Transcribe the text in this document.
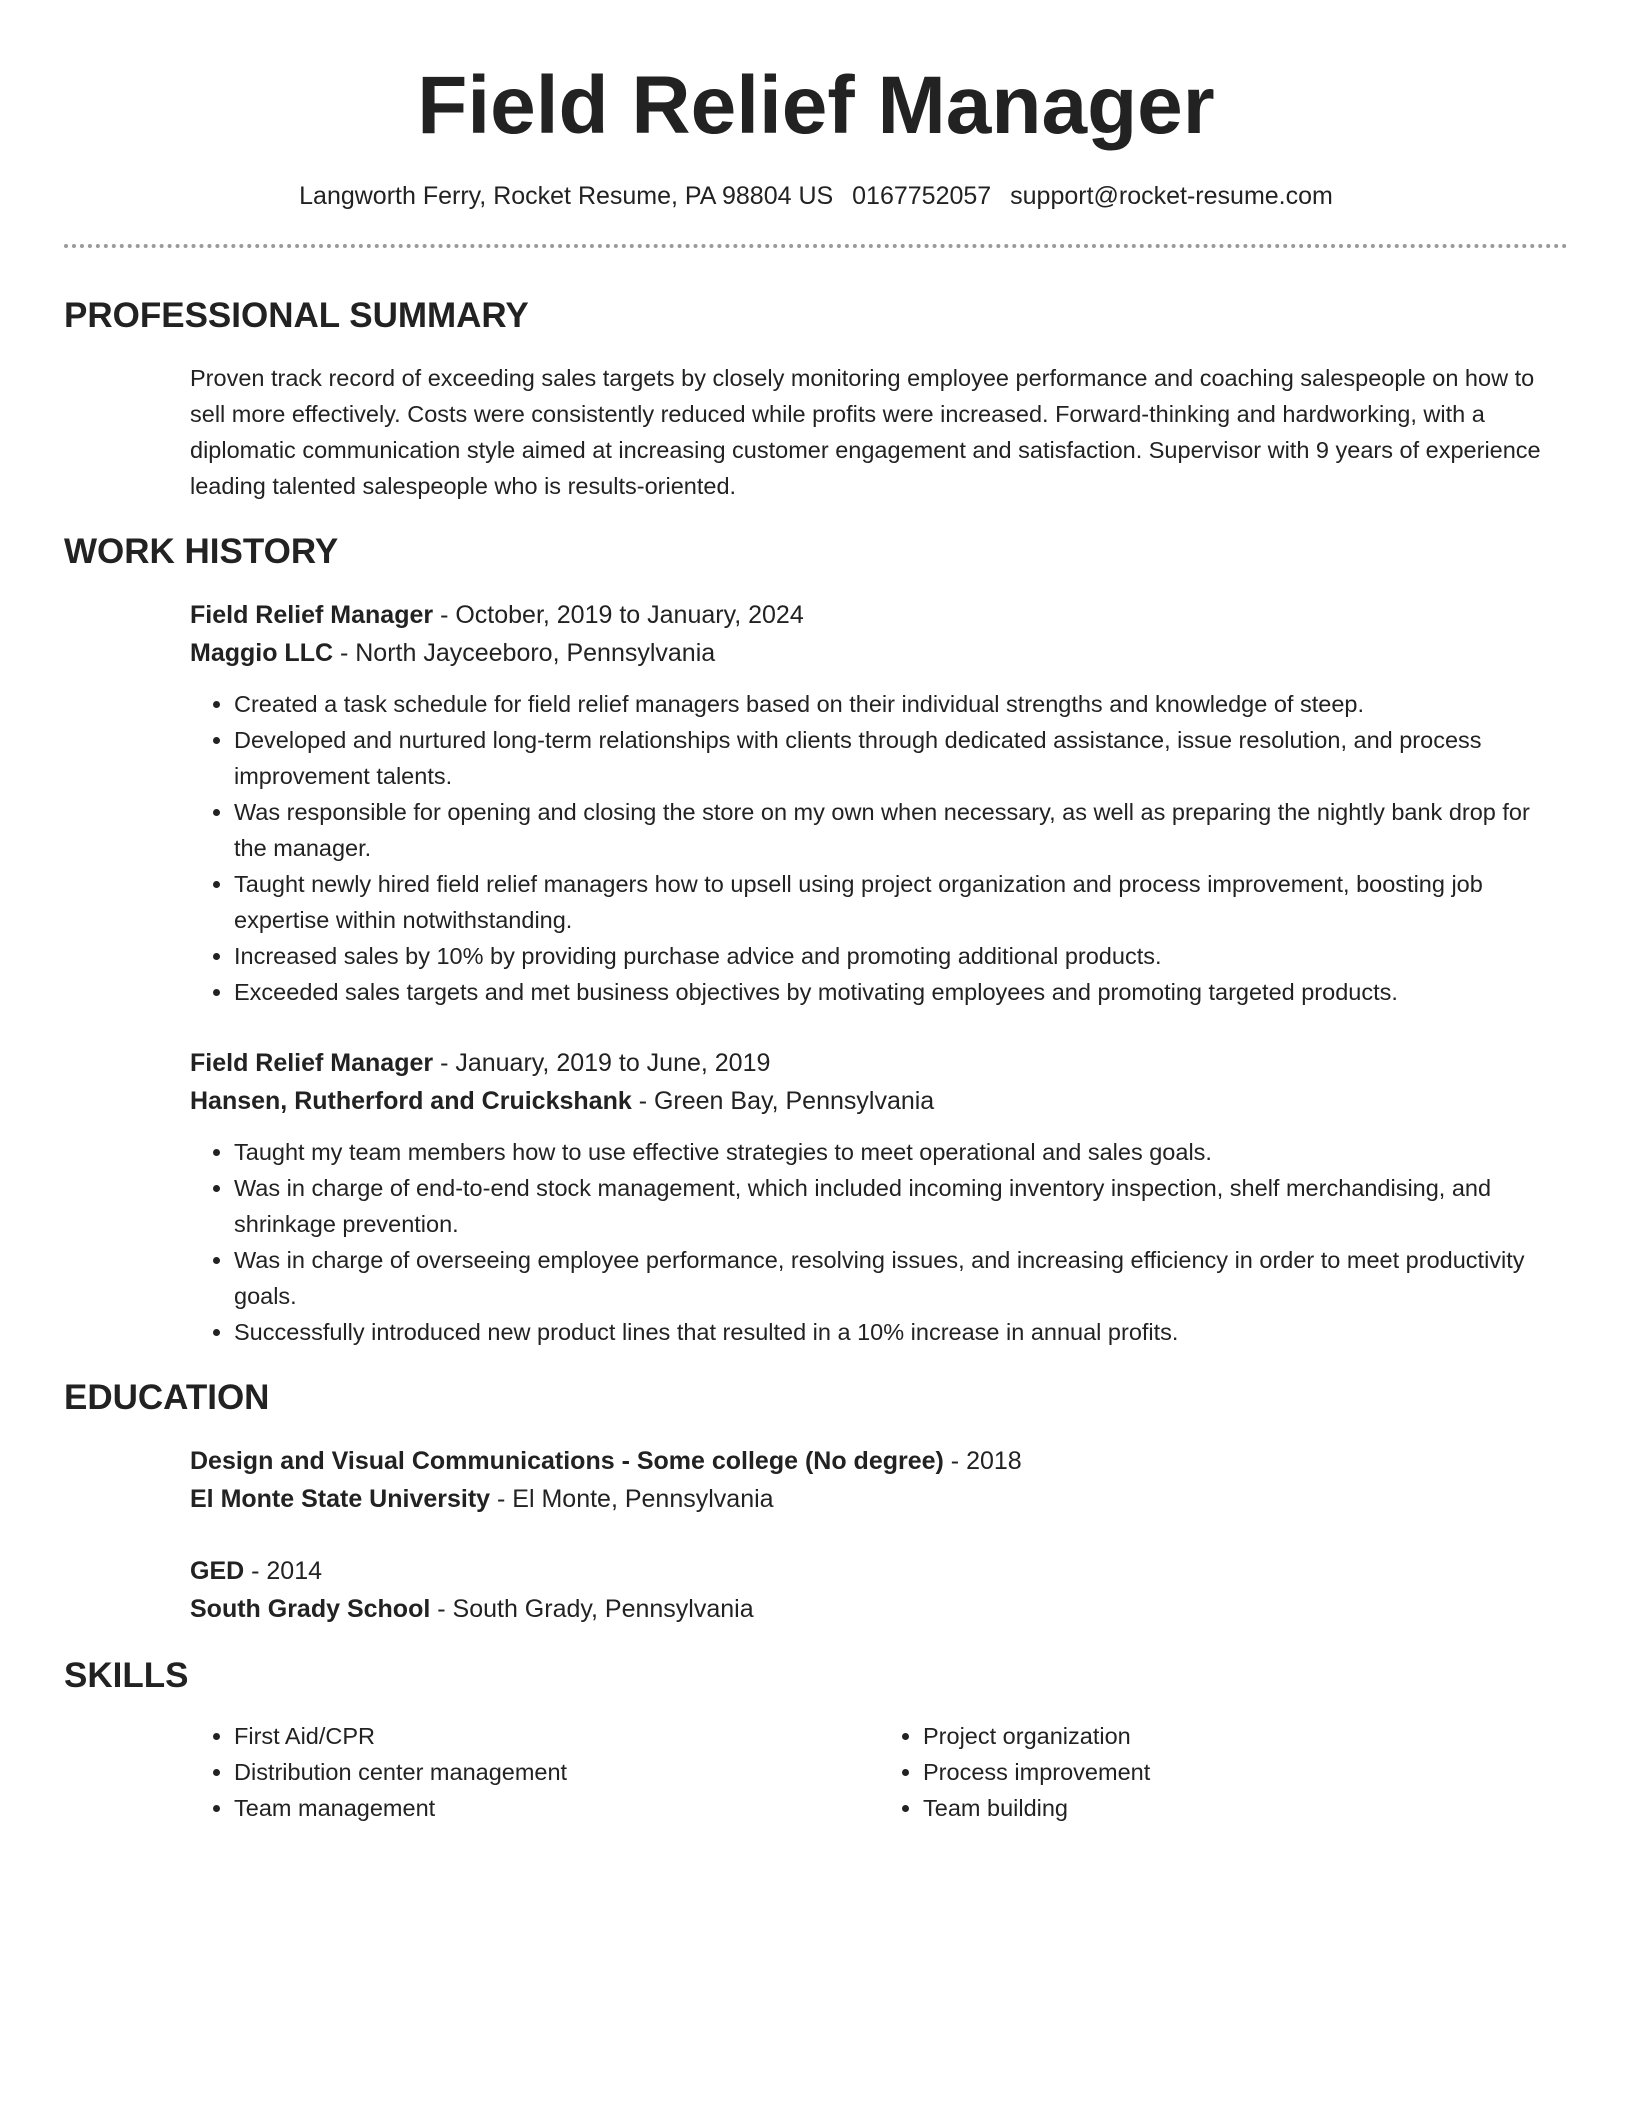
Field Relief Manager
Langworth Ferry, Rocket Resume, PA 98804 US 0167752057 support@rocket-resume.com
PROFESSIONAL SUMMARY
Proven track record of exceeding sales targets by closely monitoring employee performance and coaching salespeople on how to sell more effectively. Costs were consistently reduced while profits were increased. Forward-thinking and hardworking, with a diplomatic communication style aimed at increasing customer engagement and satisfaction. Supervisor with 9 years of experience leading talented salespeople who is results-oriented.
WORK HISTORY
Field Relief Manager - October, 2019 to January, 2024
Maggio LLC - North Jayceeboro, Pennsylvania
• Created a task schedule for field relief managers based on their individual strengths and knowledge of steep.
• Developed and nurtured long-term relationships with clients through dedicated assistance, issue resolution, and process improvement talents.
• Was responsible for opening and closing the store on my own when necessary, as well as preparing the nightly bank drop for the manager.
• Taught newly hired field relief managers how to upsell using project organization and process improvement, boosting job expertise within notwithstanding.
• Increased sales by 10% by providing purchase advice and promoting additional products.
• Exceeded sales targets and met business objectives by motivating employees and promoting targeted products.
Field Relief Manager - January, 2019 to June, 2019
Hansen, Rutherford and Cruickshank - Green Bay, Pennsylvania
• Taught my team members how to use effective strategies to meet operational and sales goals.
• Was in charge of end-to-end stock management, which included incoming inventory inspection, shelf merchandising, and shrinkage prevention.
• Was in charge of overseeing employee performance, resolving issues, and increasing efficiency in order to meet productivity goals.
• Successfully introduced new product lines that resulted in a 10% increase in annual profits.
EDUCATION
Design and Visual Communications - Some college (No degree) - 2018
El Monte State University - El Monte, Pennsylvania
GED - 2014
South Grady School - South Grady, Pennsylvania
SKILLS
• First Aid/CPR
• Distribution center management
• Team management
• Project organization
• Process improvement
• Team building
